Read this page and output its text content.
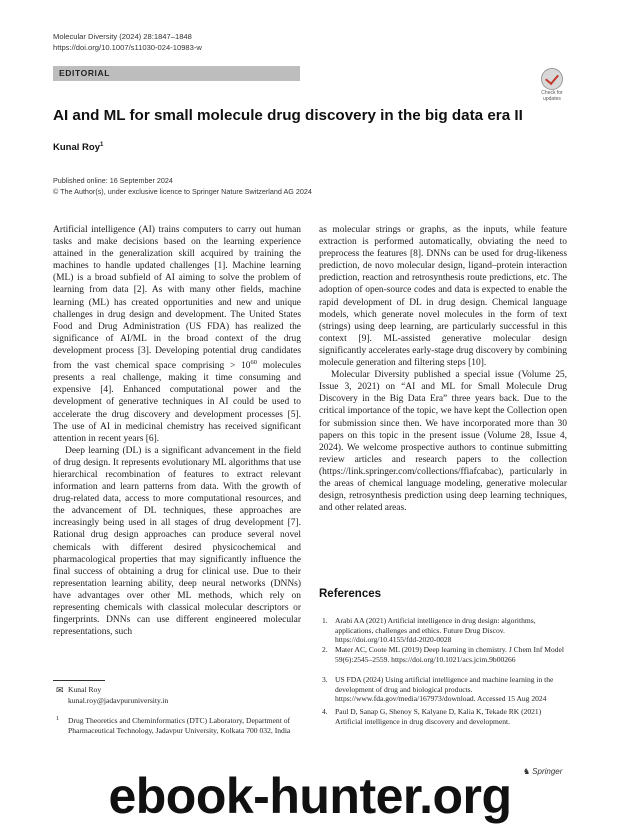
Molecular Diversity (2024) 28:1847–1848
https://doi.org/10.1007/s11030-024-10983-w
EDITORIAL
Check for updates
AI and ML for small molecule drug discovery in the big data era II
Kunal Roy$^1$
Published online: 16 September 2024
© The Author(s), under exclusive licence to Springer Nature Switzerland AG 2024

Artificial intelligence (AI) trains computers to carry out human tasks and make decisions based on the learning experience attained in the generalization skill acquired by training the machines to handle updated challenges [1]. Machine learning (ML) is a broad subfield of AI aiming to solve the problem of learning from data [2]. As with many other fields, machine learning (ML) has created opportunities and new and unique challenges in drug design and development. The United States Food and Drug Administration (US FDA) has realized the significance of AI/ML in the broad context of the drug development process [3]. Developing potential drug candidates from the vast chemical space comprising > $10^{60}$ molecules presents a real challenge, making it time consuming and expensive [4]. Enhanced computational power and the development of generative techniques in AI could be used to accelerate the drug discovery and development processes [5]. The use of AI in medicinal chemistry has received significant attention in recent years [6].

Deep learning (DL) is a significant advancement in the field of drug design. It represents evolutionary ML algorithms that use hierarchical recombination of features to extract relevant information and learn patterns from data. With the growth of drug-related data, access to more computational resources, and the advancement of DL techniques, these approaches are increasingly being used in all stages of drug development [7]. Rational drug design approaches can produce several novel chemicals with different desired physicochemical and pharmacological properties that may significantly influence the final success of obtaining a drug for clinical use. Due to their representation learning ability, deep neural networks (DNNs) have advantages over other ML methods, which rely on representing chemicals with classical molecular descriptors or fingerprints. DNNs can use different engineered molecular representations, such

as molecular strings or graphs, as the inputs, while feature extraction is performed automatically, obviating the need to preprocess the features [8]. DNNs can be used for drug-likeness prediction, de novo molecular design, ligand–protein interaction prediction, reaction and retrosynthesis route predictions, etc. The adoption of open-source codes and data is expected to enable the rapid development of DL in drug design. Chemical language models, which generate novel molecules in the form of text (strings) using deep learning, are particularly successful in this context [9]. ML-assisted generative molecular design significantly accelerates early-stage drug discovery by combining molecule generation and filtering steps [10].

Molecular Diversity published a special issue (Volume 25, Issue 3, 2021) on “AI and ML for Small Molecule Drug Discovery in the Big Data Era” three years back. Due to the critical importance of the topic, we have kept the Collection open for submission since then. We have incorporated more than 30 papers on this topic in the present issue (Volume 28, Issue 4, 2024). We welcome prospective authors to continue submitting review articles and research papers to the collection (https://link.springer.com/collections/ffiafcabac), particularly in the areas of chemical language modeling, generative molecular design, retrosynthesis prediction using deep learning techniques, and other related areas.

✉ Kunal Roy
kunal.roy@jadavpuruniversity.in
1 Drug Theoretics and Cheminformatics (DTC) Laboratory, Department of Pharmaceutical Technology, Jadavpur University, Kolkata 700 032, India
References
1. Arabi AA (2021) Artificial intelligence in drug design: algorithms, applications, challenges and ethics. Future Drug Discov. https://doi.org/10.4155/fdd-2020-0028
2. Mater AC, Coote ML (2019) Deep learning in chemistry. J Chem Inf Model 59(6):2545–2559. https://doi.org/10.1021/acs.jcim.9b00266
3. US FDA (2024) Using artificial intelligence and machine learning in the development of drug and biological products. https://www.fda.gov/media/167973/download. Accessed 15 Aug 2024
4. Paul D, Sanap G, Shenoy S, Kalyane D, Kalia K, Tekade RK (2021) Artificial intelligence in drug discovery and development.
♞ Springer
ebook-hunter.org
